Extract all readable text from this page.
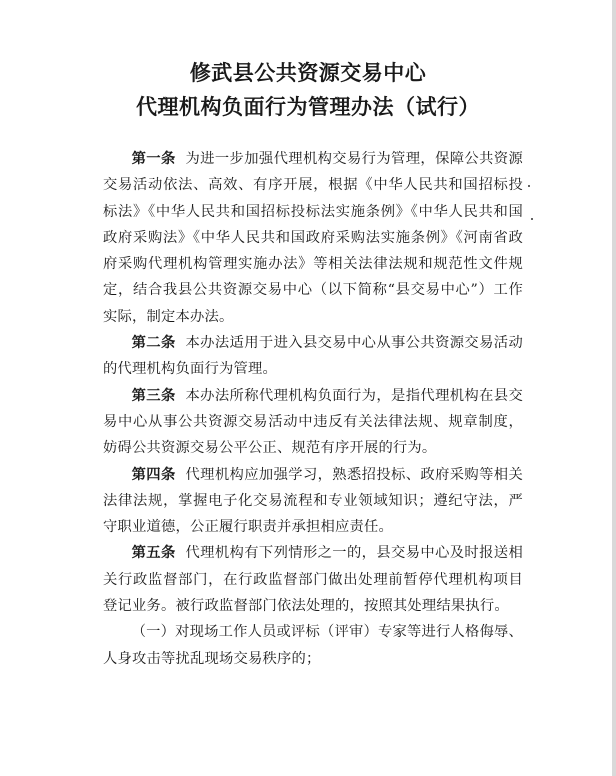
修武县公共资源交易中心
代理机构负面行为管理办法（试行）

第一条 为进一步加强代理机构交易行为管理，保障公共资源交易活动依法、高效、有序开展，根据《中华人民共和国招标投标法》《中华人民共和国招标投标法实施条例》《中华人民共和国政府采购法》《中华人民共和国政府采购法实施条例》《河南省政府采购代理机构管理实施办法》等相关法律法规和规范性文件规定，结合我县公共资源交易中心（以下简称“县交易中心”）工作实际，制定本办法。

第二条 本办法适用于进入县交易中心从事公共资源交易活动的代理机构负面行为管理。

第三条 本办法所称代理机构负面行为，是指代理机构在县交易中心从事公共资源交易活动中违反有关法律法规、规章制度，妨碍公共资源交易公平公正、规范有序开展的行为。

第四条 代理机构应加强学习，熟悉招投标、政府采购等相关法律法规，掌握电子化交易流程和专业领域知识；遵纪守法，严守职业道德，公正履行职责并承担相应责任。

第五条 代理机构有下列情形之一的，县交易中心及时报送相关行政监督部门，在行政监督部门做出处理前暂停代理机构项目登记业务。被行政监督部门依法处理的，按照其处理结果执行。

（一）对现场工作人员或评标（评审）专家等进行人格侮辱、人身攻击等扰乱现场交易秩序的；
